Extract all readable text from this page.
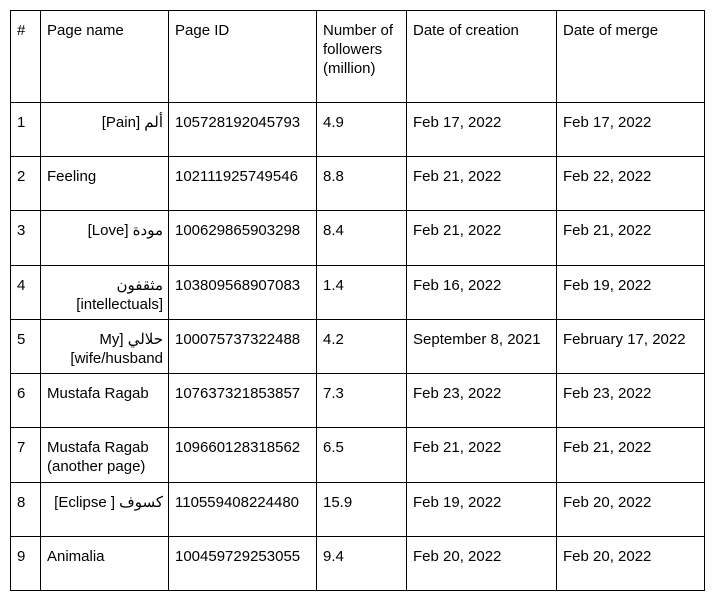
#	Page name	Page ID	Number of followers (million)	Date of creation	Date of merge
1	ألم [Pain]	105728192045793	4.9	Feb 17, 2022	Feb 17, 2022
2	Feeling	102111925749546	8.8	Feb 21, 2022	Feb 22, 2022
3	مودة [Love]	100629865903298	8.4	Feb 21, 2022	Feb 21, 2022
4	مثقفون [intellectuals]	103809568907083	1.4	Feb 16, 2022	Feb 19, 2022
5	حلالي [My wife/husband]	100075737322488	4.2	September 8, 2021	February 17, 2022
6	Mustafa Ragab	107637321853857	7.3	Feb 23, 2022	Feb 23, 2022
7	Mustafa Ragab (another page)	109660128318562	6.5	Feb 21, 2022	Feb 21, 2022
8	كسوف [ Eclipse]	110559408224480	15.9	Feb 19, 2022	Feb 20, 2022
9	Animalia	100459729253055	9.4	Feb 20, 2022	Feb 20, 2022
